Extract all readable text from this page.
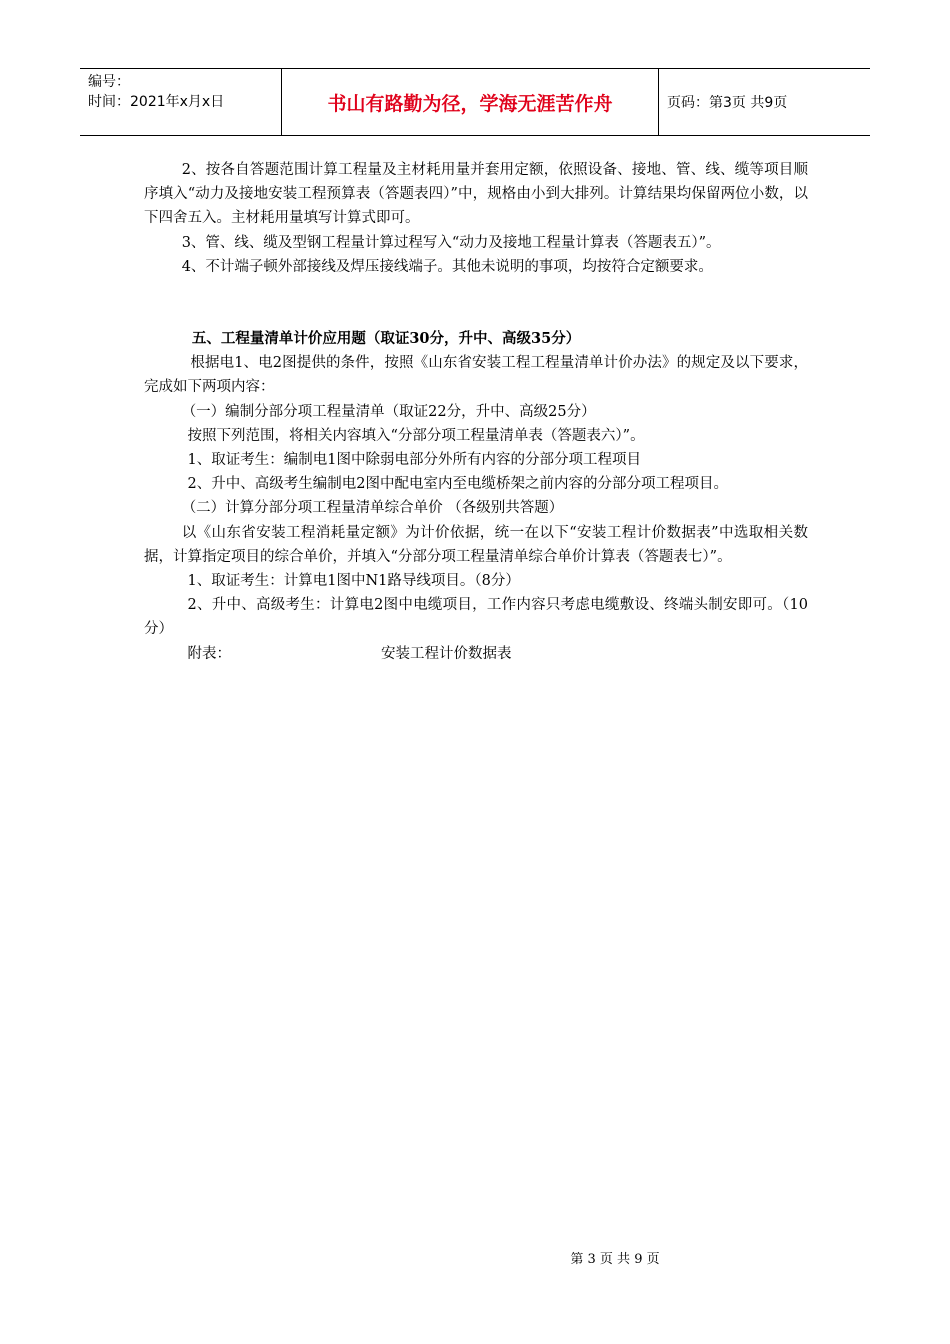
编号：
时间：2021年x月x日	书山有路勤为径，学海无涯苦作舟	页码：第3页 共9页

2、按各自答题范围计算工程量及主材耗用量并套用定额，依照设备、接地、管、线、缆等项目顺序填入“动力及接地安装工程预算表（答题表四）”中，规格由小到大排列。计算结果均保留两位小数，以下四舍五入。主材耗用量填写计算式即可。

3、管、线、缆及型钢工程量计算过程写入“动力及接地工程量计算表（答题表五）”。

4、不计端子顿外部接线及焊压接线端子。其他未说明的事项，均按符合定额要求。

五、工程量清单计价应用题（取证30分，升中、高级35分）

根据电1、电2图提供的条件，按照《山东省安装工程工程量清单计价办法》的规定及以下要求，完成如下两项内容：

（一）编制分部分项工程量清单（取证22分，升中、高级25分）

按照下列范围，将相关内容填入“分部分项工程量清单表（答题表六）”。

1、取证考生：编制电1图中除弱电部分外所有内容的分部分项工程项目

2、升中、高级考生编制电2图中配电室内至电缆桥架之前内容的分部分项工程项目。

（二）计算分部分项工程量清单综合单价 （各级别共答题）

以《山东省安装工程消耗量定额》为计价依据，统一在以下“安装工程计价数据表”中选取相关数据，计算指定项目的综合单价，并填入“分部分项工程量清单综合单价计算表（答题表七）”。

1、取证考生：计算电1图中N1路导线项目。（8分）

2、升中、高级考生：计算电2图中电缆项目，工作内容只考虑电缆敷设、终端头制安即可。（10分）

附表：	安装工程计价数据表

第 3 页 共 9 页
